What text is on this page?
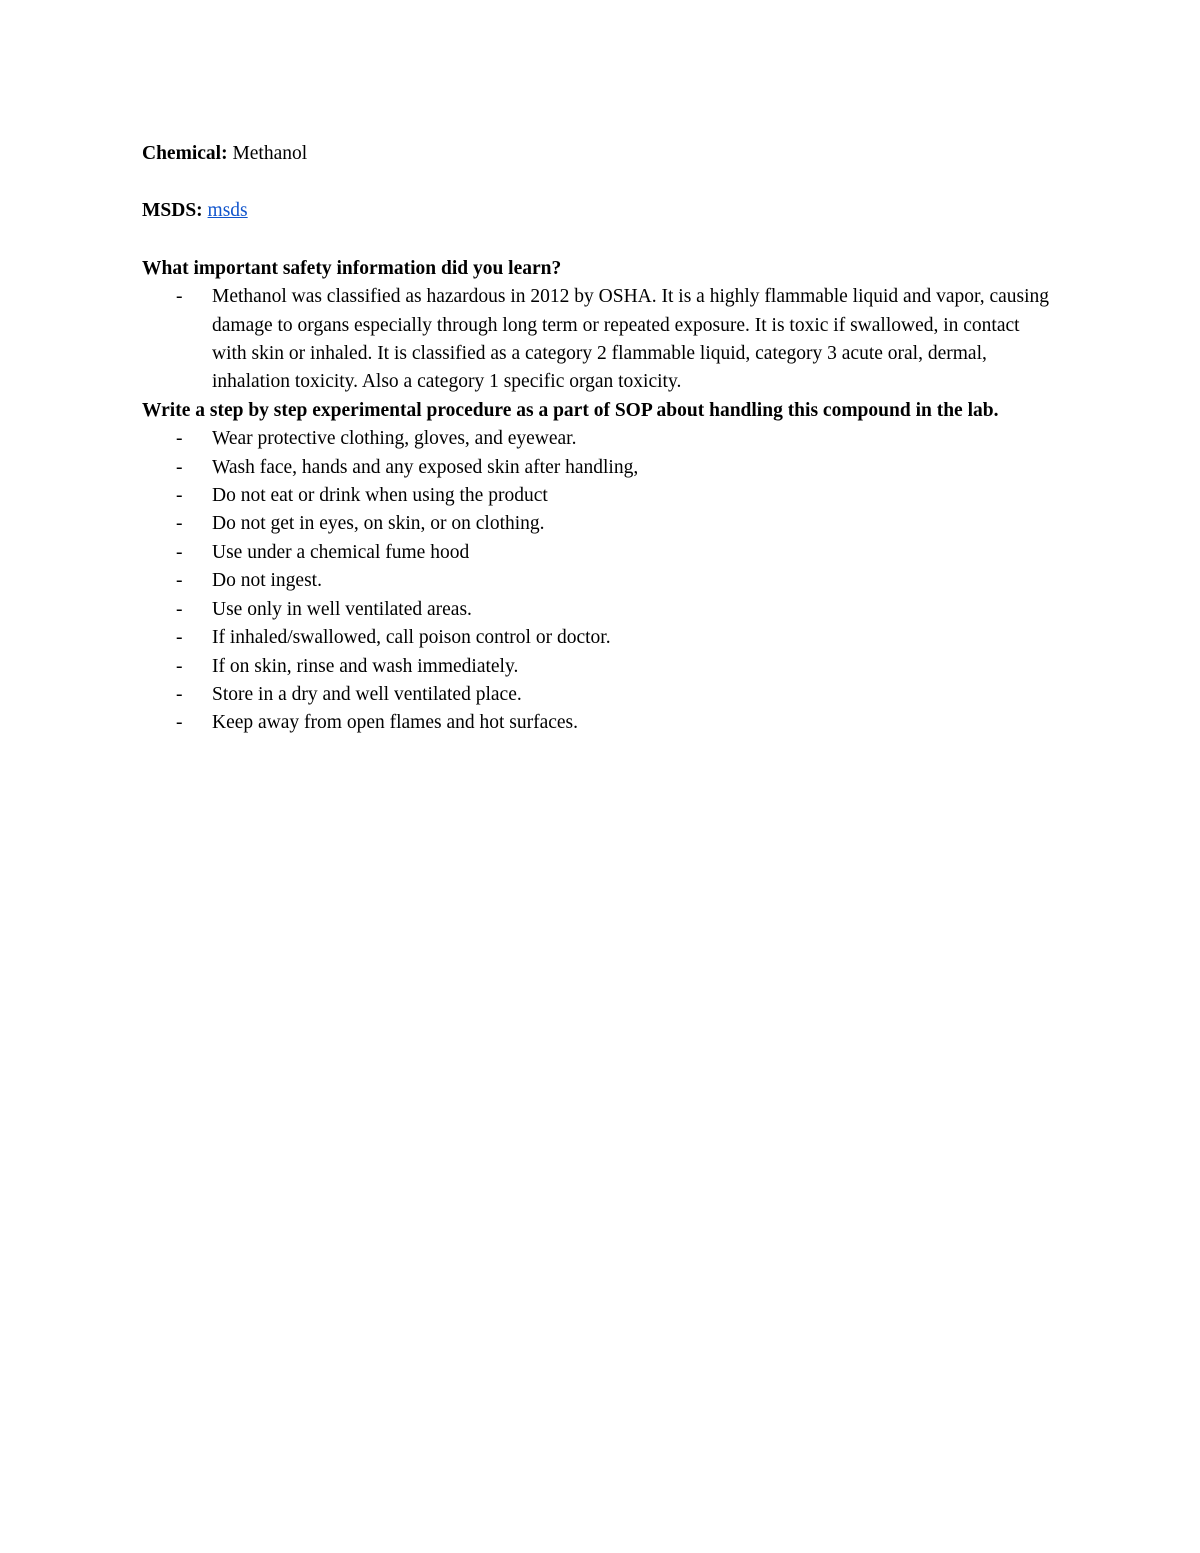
Chemical: Methanol

MSDS: msds

What important safety information did you learn?

- Methanol was classified as hazardous in 2012 by OSHA. It is a highly flammable liquid and vapor, causing damage to organs especially through long term or repeated exposure. It is toxic if swallowed, in contact with skin or inhaled. It is classified as a category 2 flammable liquid, category 3 acute oral, dermal, inhalation toxicity. Also a category 1 specific organ toxicity.

Write a step by step experimental procedure as a part of SOP about handling this compound in the lab.

- Wear protective clothing, gloves, and eyewear.
- Wash face, hands and any exposed skin after handling,
- Do not eat or drink when using the product
- Do not get in eyes, on skin, or on clothing.
- Use under a chemical fume hood
- Do not ingest.
- Use only in well ventilated areas.
- If inhaled/swallowed, call poison control or doctor.
- If on skin, rinse and wash immediately.
- Store in a dry and well ventilated place.
- Keep away from open flames and hot surfaces.
